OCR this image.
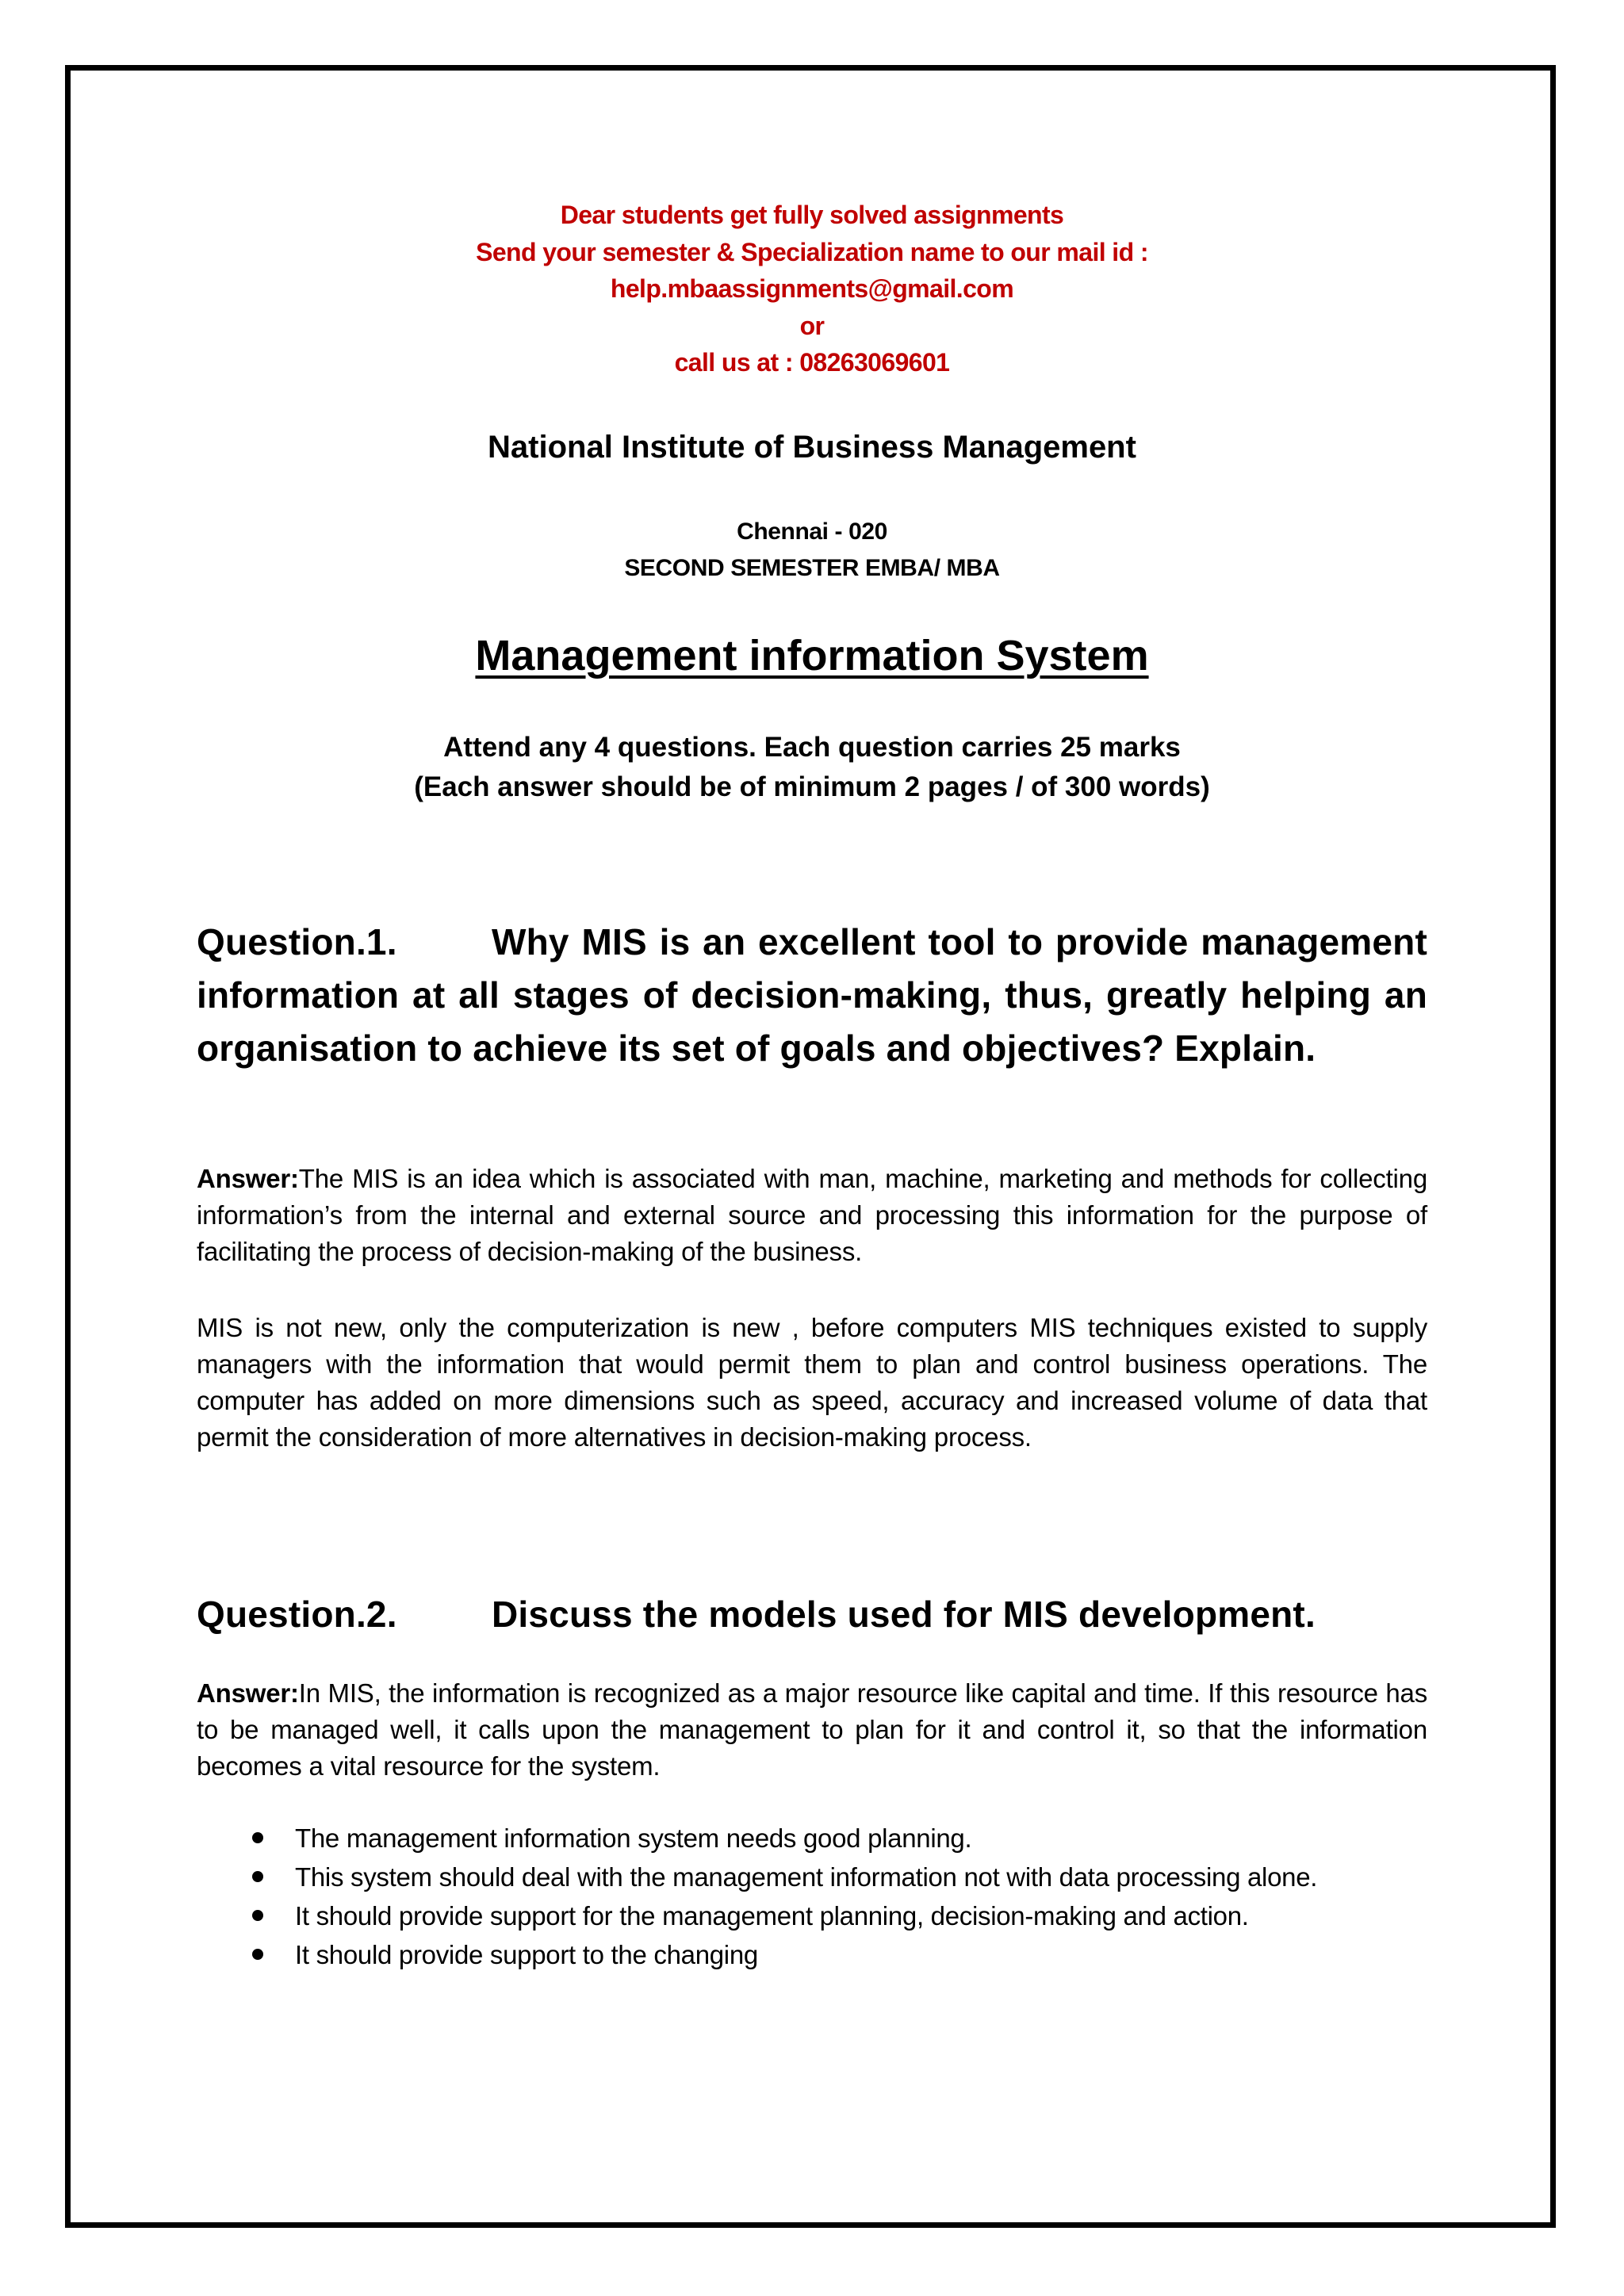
Dear students get fully solved assignments
Send your semester & Specialization name to our mail id :
help.mbaassignments@gmail.com
or
call us at : 08263069601
National Institute of Business Management
Chennai - 020
SECOND SEMESTER EMBA/ MBA
Management information System
Attend any 4 questions. Each question carries 25 marks
(Each answer should be of minimum 2 pages / of 300 words)
Question.1.	Why MIS is an excellent tool to provide management information at all stages of decision-making, thus, greatly helping an organisation to achieve its set of goals and objectives? Explain.
Answer:The MIS is an idea which is associated with man, machine, marketing and methods for collecting information’s from the internal and external source and processing this information for the purpose of facilitating the process of decision-making of the business.
MIS is not new, only the computerization is new , before computers MIS techniques existed to supply managers with the information that would permit them to plan and control business operations. The computer has added on more dimensions such as speed, accuracy and increased volume of data that permit the consideration of more alternatives in decision-making process.
Question.2.	Discuss the models used for MIS development.
Answer:In MIS, the information is recognized as a major resource like capital and time. If this resource has to be managed well, it calls upon the management to plan for it and control it, so that the information becomes a vital resource for the system.
The management information system needs good planning.
This system should deal with the management information not with data processing alone.
It should provide support for the management planning, decision-making and action.
It should provide support to the changing
